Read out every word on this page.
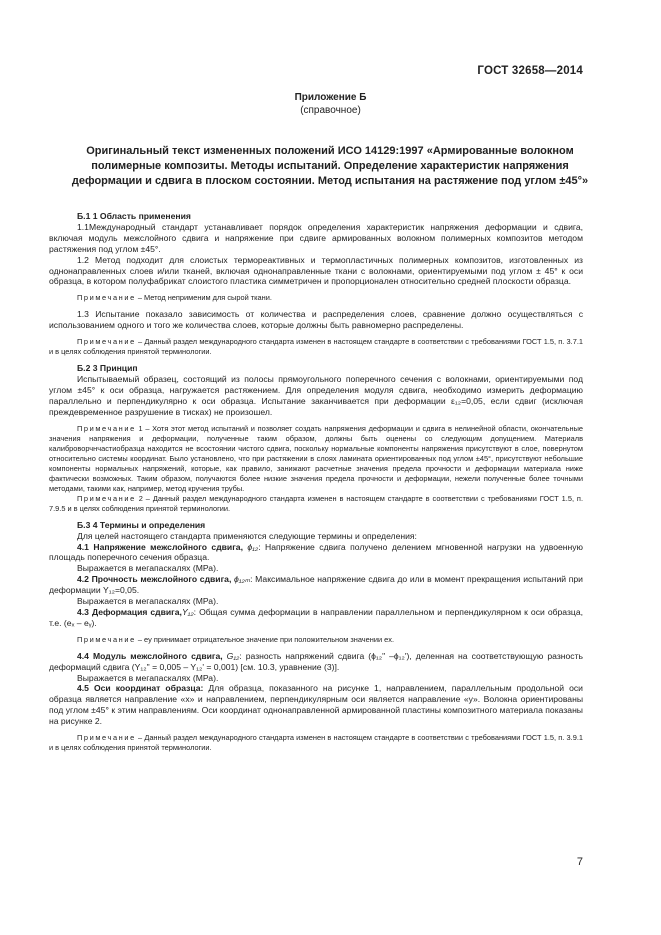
ГОСТ 32658—2014
Приложение Б
(справочное)
Оригинальный текст измененных положений ИСО 14129:1997 «Армированные волокном полимерные композиты. Методы испытаний. Определение характеристик напряжения деформации и сдвига в плоском состоянии. Метод испытания на растяжение под углом ±45°»

Б.1 1 Область применения

1.1Международный стандарт устанавливает порядок определения характеристик напряжения деформации и сдвига, включая модуль межслойного сдвига и напряжение при сдвиге армированных волокном полимерных композитов методом растяжения под углом ±45°.

1.2 Метод подходит для слоистых термореактивных и термопластичных полимерных композитов, изготовленных из однонаправленных слоев и/или тканей, включая однонаправленные ткани с волокнами, ориентируемыми под углом ± 45° к оси образца, в котором полуфабрикат слоистого пластика симметричен и пропорционален относительно средней плоскости образца.

Примечание – Метод неприменим для сырой ткани.

1.3 Испытание показало зависимость от количества и распределения слоев, сравнение должно осуществляться с использованием одного и того же количества слоев, которые должны быть равномерно распределены.

Примечание – Данный раздел международного стандарта изменен в настоящем стандарте в соответствии с требованиями ГОСТ 1.5, п. 3.7.1 и в целях соблюдения принятой терминологии.

Б.2 3 Принцип

Испытываемый образец, состоящий из полосы прямоугольного поперечного сечения с волокнами, ориентируемыми под углом ±45° к оси образца, нагружается растяжением. Для определения модуля сдвига, необходимо измерить деформацию параллельно и перпендикулярно к оси образца. Испытание заканчивается при деформации ε₁₂=0,05, если сдвиг (исключая преждевременное разрушение в тисках) не произошел.

Примечание 1 – Хотя этот метод испытаний и позволяет создать напряжения деформации и сдвига в нелинейной области, окончательные значения напряжения и деформации, полученные таким образом, должны быть оценены со следующим допущением. Материалв калиброворчнчастиобразца находится не всостоянии чистого сдвига, поскольку нормальные компоненты напряжения присутствуют в слое, повернутом относительно системы координат. Было установлено, что при растяжении в слоях ламината ориентированных под углом ±45°, присутствуют небольшие компоненты нормальных напряжений, которые, как правило, занижают расчетные значения предела прочности и деформации материала ниже фактически возможных. Таким образом, получаются более низкие значения предела прочности и деформации, нежели полученные более точными методами, такими как, например, метод кручения трубы.

Примечание 2 – Данный раздел международного стандарта изменен в настоящем стандарте в соответствии с требованиями ГОСТ 1.5, п. 7.9.5 и в целях соблюдения принятой терминологии.

Б.3 4 Термины и определения

Для целей настоящего стандарта применяются следующие термины и определения:

4.1 Напряжение межслойного сдвига, ɸ₁₂: Напряжение сдвига получено делением мгновенной нагрузки на удвоенную площадь поперечного сечения образца.

Выражается в мегапаскалях (МРа).

4.2 Прочность межслойного сдвига, ɸ₁₂ₘ: Максимальное напряжение сдвига до или в момент прекращения испытаний при деформации Y₁₂=0,05.

Выражается в мегапаскалях (МРа).

4.3 Деформация сдвига,Y₁₂: Общая сумма деформации в направлении параллельном и перпендикулярном к оси образца, т.е. (eₓ – eᵧ).

Примечание – eу принимает отрицательное значение при положительном значении ex.

4.4 Модуль межслойного сдвига, G₁₂: разность напряжений сдвига (ɸ₁₂" –ɸ₁₂'), деленная на соответствующую разность деформаций сдвига (Y₁₂" = 0,005 – Y₁₂' = 0,001) [см. 10.3, уравнение (3)].

Выражается в мегапаскалях (МРа).

4.5 Оси координат образца: Для образца, показанного на рисунке 1, направлением, параллельным продольной оси образца является направление «x» и направлением, перпендикулярным оси является направление «y». Волокна ориентированы под углом ±45° к этим направлениям. Оси координат однонаправленной армированной пластины композитного материала показаны на рисунке 2.

Примечание – Данный раздел международного стандарта изменен в настоящем стандарте в соответствии с требованиями ГОСТ 1.5, п. 3.9.1 и в целях соблюдения принятой терминологии.

7
